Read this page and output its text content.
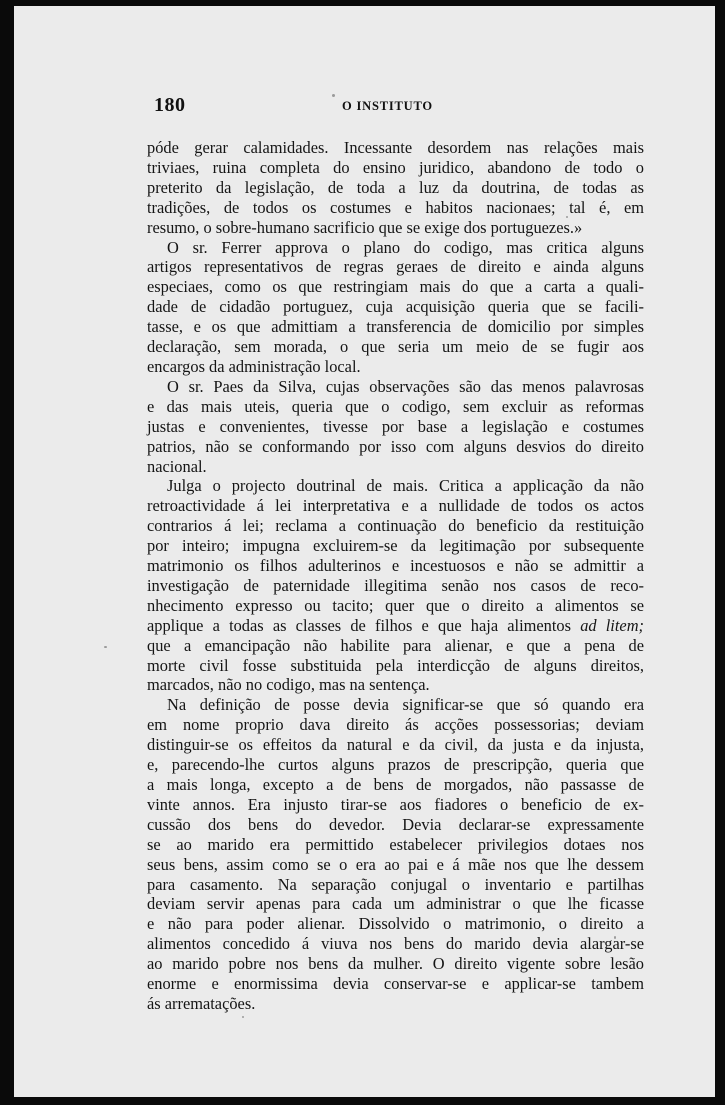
180	O INSTITUTO
póde gerar calamidades. Incessante desordem nas relações mais
triviaes, ruina completa do ensino juridico, abandono de todo o
preterito da legislação, de toda a luz da doutrina, de todas as
tradições, de todos os costumes e habitos nacionaes; tal é, em
resumo, o sobre-humano sacrificio que se exige dos portuguezes.»
O sr. Ferrer approva o plano do codigo, mas critica alguns
artigos representativos de regras geraes de direito e ainda alguns
especiaes, como os que restringiam mais do que a carta a quali-
dade de cidadão portuguez, cuja acquisição queria que se facili-
tasse, e os que admittiam a transferencia de domicilio por simples
declaração, sem morada, o que seria um meio de se fugir aos
encargos da administração local.
O sr. Paes da Silva, cujas observações são das menos palavrosas
e das mais uteis, queria que o codigo, sem excluir as reformas
justas e convenientes, tivesse por base a legislação e costumes
patrios, não se conformando por isso com alguns desvios do direito
nacional.
Julga o projecto doutrinal de mais. Critica a applicação da não
retroactividade á lei interpretativa e a nullidade de todos os actos
contrarios á lei; reclama a continuação do beneficio da restituição
por inteiro; impugna excluirem-se da legitimação por subsequente
matrimonio os filhos adulterinos e incestuosos e não se admittir a
investigação de paternidade illegitima senão nos casos de reco-
nhecimento expresso ou tacito; quer que o direito a alimentos se
applique a todas as classes de filhos e que haja alimentos ad litem;
que a emancipação não habilite para alienar, e que a pena de
morte civil fosse substituida pela interdicção de alguns direitos,
marcados, não no codigo, mas na sentença.
Na definição de posse devia significar-se que só quando era
em nome proprio dava direito ás acções possessorias; deviam
distinguir-se os effeitos da natural e da civil, da justa e da injusta,
e, parecendo-lhe curtos alguns prazos de prescripção, queria que
a mais longa, excepto a de bens de morgados, não passasse de
vinte annos. Era injusto tirar-se aos fiadores o beneficio de ex-
cussão dos bens do devedor. Devia declarar-se expressamente
se ao marido era permittido estabelecer privilegios dotaes nos
seus bens, assim como se o era ao pai e á mãe nos que lhe dessem
para casamento. Na separação conjugal o inventario e partilhas
deviam servir apenas para cada um administrar o que lhe ficasse
e não para poder alienar. Dissolvido o matrimonio, o direito a
alimentos concedido á viuva nos bens do marido devia alargar-se
ao marido pobre nos bens da mulher. O direito vigente sobre lesão
enorme e enormissima devia conservar-se e applicar-se tambem
ás arrematações.
